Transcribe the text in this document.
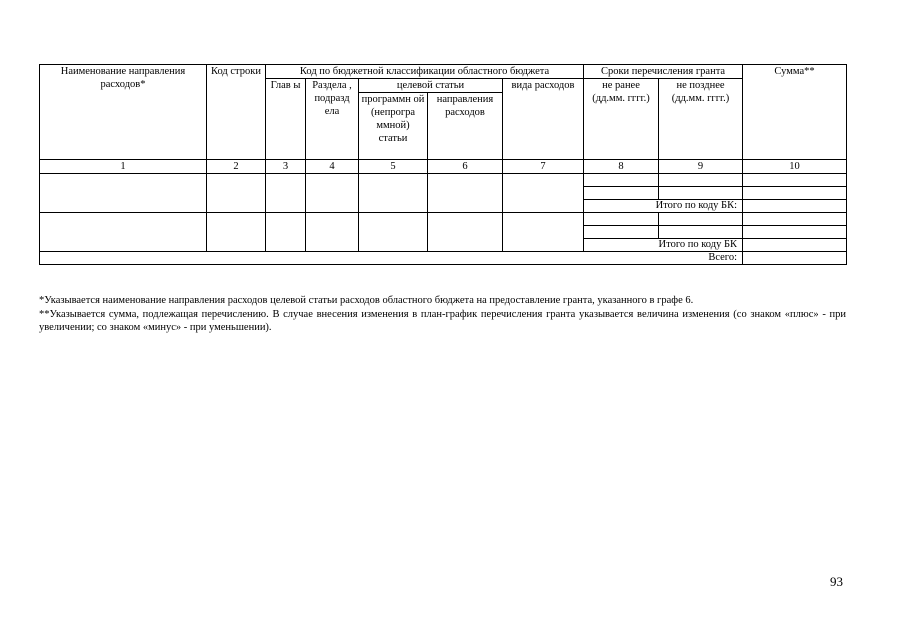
Наименование направления расходов*	Код строки	Код по бюджетной классификации областного бюджета					Сроки перечисления гранта		Сумма**
		Глав ы	Раздела , подразд ела	целевой статьи		вида расходов	не ранее (дд.мм. гггг.)	не позднее (дд.мм. гггг.)	
				программн ой (непрогра ммной) статьи	направления расходов				
1	2	3	4	5	6	7	8	9	10

							Итого по коду БК:		

							Итого по коду БК		
Всего:									

*Указывается наименование направления расходов целевой статьи расходов областного бюджета на предоставление гранта, указанного в графе 6.

**Указывается сумма, подлежащая перечислению. В случае внесения изменения в план-график перечисления гранта указывается величина изменения (со знаком «плюс» - при увеличении; со знаком «минус» - при уменьшении).

93
